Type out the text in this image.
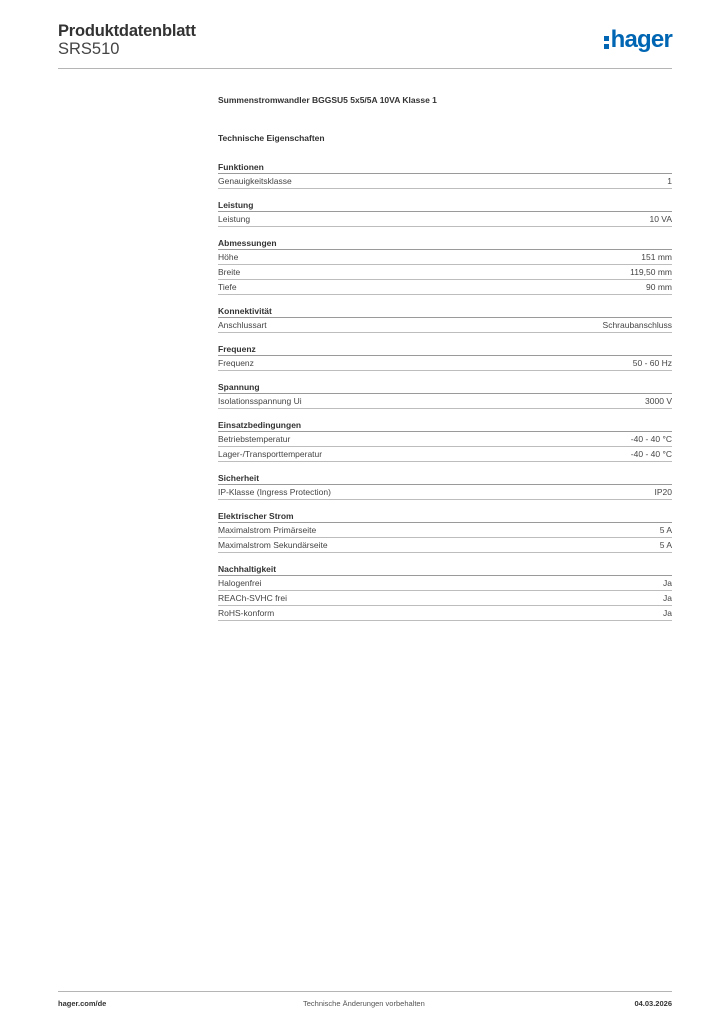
Produktdatenblatt
SRS510	hager
Summenstromwandler BGGSU5 5x5/5A 10VA Klasse 1
Technische Eigenschaften
Funktionen
Genauigkeitsklasse	1
Leistung
Leistung	10 VA
Abmessungen
Höhe	151 mm
Breite	119,50 mm
Tiefe	90 mm
Konnektivität
Anschlussart	Schraubanschluss
Frequenz
Frequenz	50 - 60 Hz
Spannung
Isolationsspannung Ui	3000 V
Einsatzbedingungen
Betriebstemperatur	-40 - 40 °C
Lager-/Transporttemperatur	-40 - 40 °C
Sicherheit
IP-Klasse (Ingress Protection)	IP20
Elektrischer Strom
Maximalstrom Primärseite	5 A
Maximalstrom Sekundärseite	5 A
Nachhaltigkeit
Halogenfrei	Ja
REACh-SVHC frei	Ja
RoHS-konform	Ja
hager.com/de	Technische Änderungen vorbehalten	04.03.2026
